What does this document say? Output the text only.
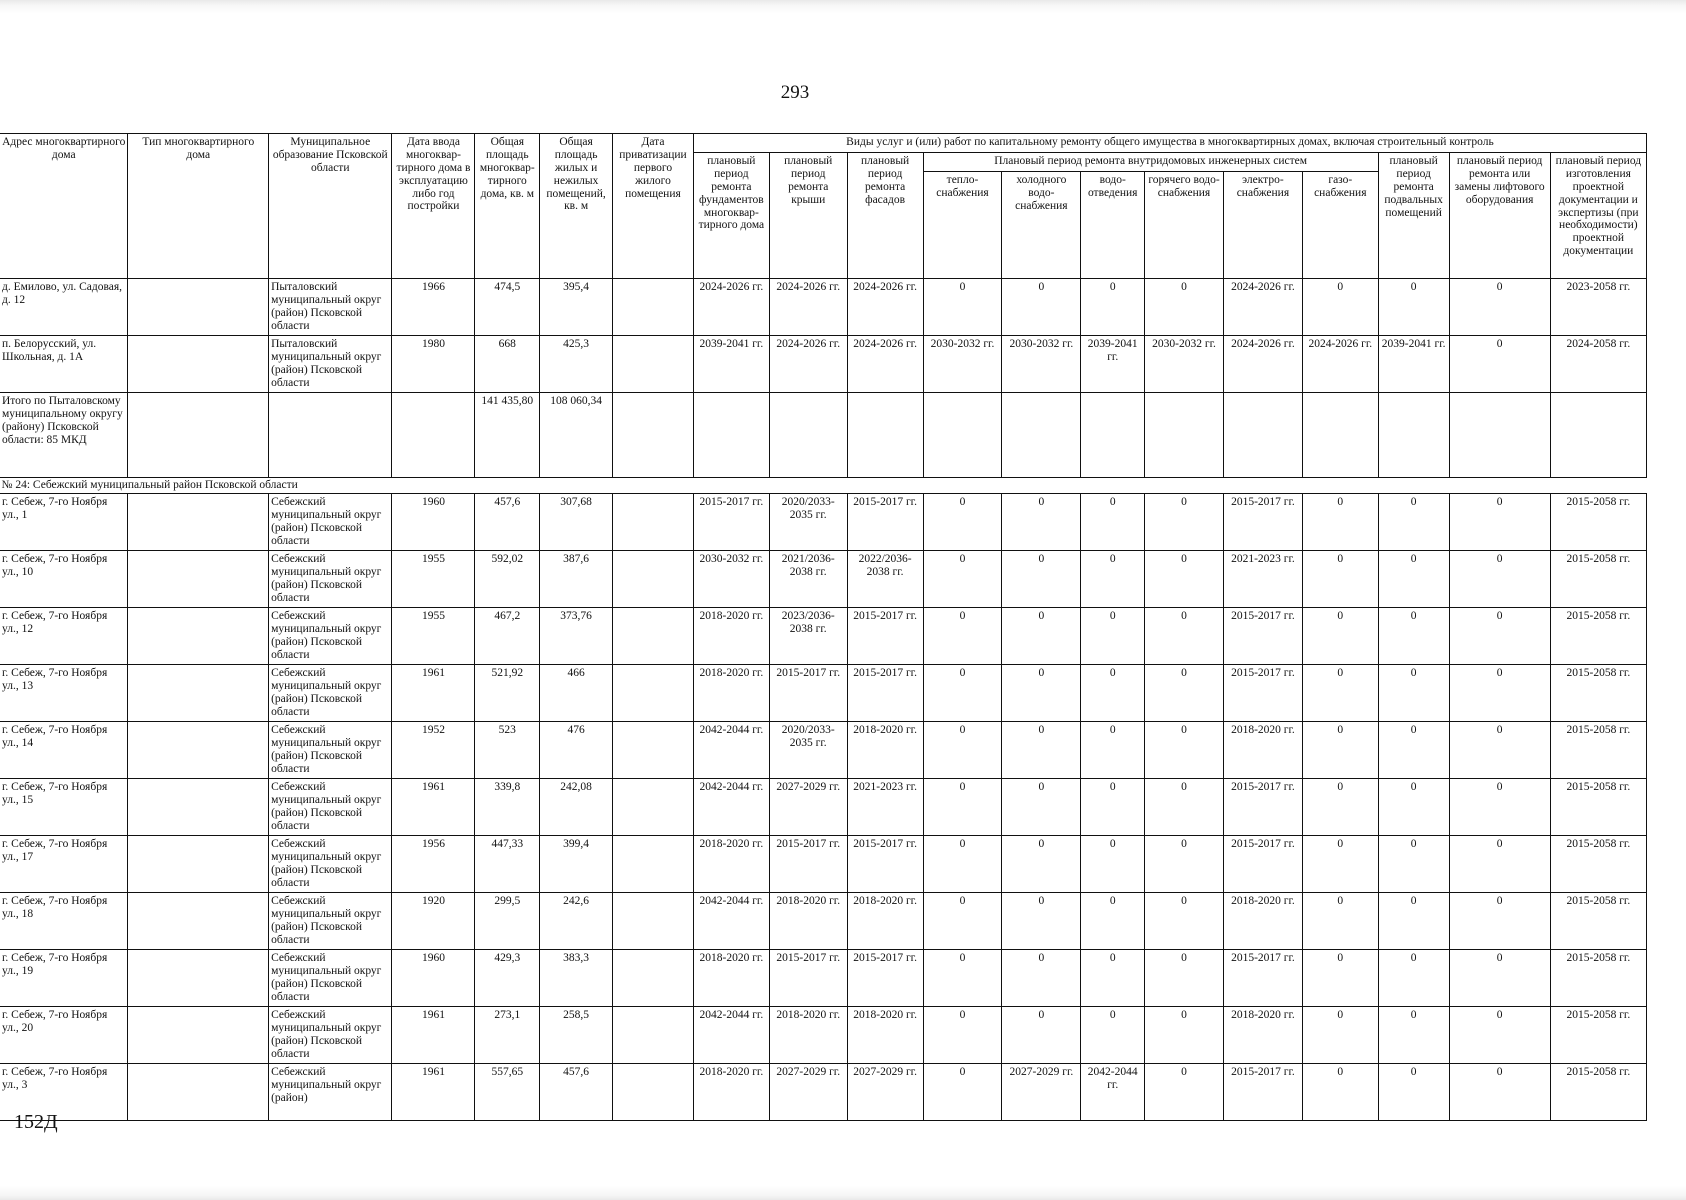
293
Адрес многоквартирного дома	Тип многоквартирного дома	Муниципальное образование Псковской области	Дата ввода многоквар-тирного дома в эксплуатацию либо год постройки	Общая площадь многоквар-тирного дома, кв. м	Общая площадь жилых и нежилых помещений, кв. м	Дата приватизации первого жилого помещения	Виды услуг и (или) работ по капитальному ремонту общего имущества в многоквартирных домах, включая строительный контроль											
							плановый период ремонта фундаментов многоквар-тирного дома	плановый период ремонта крыши	плановый период ремонта фасадов	Плановый период ремонта внутридомовых инженерных систем						плановый период ремонта подвальных помещений	плановый период ремонта или замены лифтового оборудования	плановый период изготовления проектной документации и экспертизы (при необходимости) проектной документации
										тепло-снабжения	холодного водо-снабжения	водо-отведения	горячего водо-снабжения	электро-снабжения	газо-снабжения			
д. Емилово, ул. Садовая, д. 12		Пыталовский муниципальный округ (район) Псковской области	1966	474,5	395,4		2024-2026 гг.	2024-2026 гг.	2024-2026 гг.	0	0	0	0	2024-2026 гг.	0	0	0	2023-2058 гг.
п. Белорусский, ул. Школьная, д. 1А		Пыталовский муниципальный округ (район) Псковской области	1980	668	425,3		2039-2041 гг.	2024-2026 гг.	2024-2026 гг.	2030-2032 гг.	2030-2032 гг.	2039-2041 гг.	2030-2032 гг.	2024-2026 гг.	2024-2026 гг.	2039-2041 гг.	0	2024-2058 гг.
Итого по Пыталовскому муниципальному округу (району) Псковской области: 85 МКД				141 435,80	108 060,34													
№ 24: Себежский муниципальный район Псковской области																		
г. Себеж, 7-го Ноября ул., 1		Себежский муниципальный округ (район) Псковской области	1960	457,6	307,68		2015-2017 гг.	2020/2033-2035 гг.	2015-2017 гг.	0	0	0	0	2015-2017 гг.	0	0	0	2015-2058 гг.
г. Себеж, 7-го Ноября ул., 10		Себежский муниципальный округ (район) Псковской области	1955	592,02	387,6		2030-2032 гг.	2021/2036-2038 гг.	2022/2036-2038 гг.	0	0	0	0	2021-2023 гг.	0	0	0	2015-2058 гг.
г. Себеж, 7-го Ноября ул., 12		Себежский муниципальный округ (район) Псковской области	1955	467,2	373,76		2018-2020 гг.	2023/2036-2038 гг.	2015-2017 гг.	0	0	0	0	2015-2017 гг.	0	0	0	2015-2058 гг.
г. Себеж, 7-го Ноября ул., 13		Себежский муниципальный округ (район) Псковской области	1961	521,92	466		2018-2020 гг.	2015-2017 гг.	2015-2017 гг.	0	0	0	0	2015-2017 гг.	0	0	0	2015-2058 гг.
г. Себеж, 7-го Ноября ул., 14		Себежский муниципальный округ (район) Псковской области	1952	523	476		2042-2044 гг.	2020/2033-2035 гг.	2018-2020 гг.	0	0	0	0	2018-2020 гг.	0	0	0	2015-2058 гг.
г. Себеж, 7-го Ноября ул., 15		Себежский муниципальный округ (район) Псковской области	1961	339,8	242,08		2042-2044 гг.	2027-2029 гг.	2021-2023 гг.	0	0	0	0	2015-2017 гг.	0	0	0	2015-2058 гг.
г. Себеж, 7-го Ноября ул., 17		Себежский муниципальный округ (район) Псковской области	1956	447,33	399,4		2018-2020 гг.	2015-2017 гг.	2015-2017 гг.	0	0	0	0	2015-2017 гг.	0	0	0	2015-2058 гг.
г. Себеж, 7-го Ноября ул., 18		Себежский муниципальный округ (район) Псковской области	1920	299,5	242,6		2042-2044 гг.	2018-2020 гг.	2018-2020 гг.	0	0	0	0	2018-2020 гг.	0	0	0	2015-2058 гг.
г. Себеж, 7-го Ноября ул., 19		Себежский муниципальный округ (район) Псковской области	1960	429,3	383,3		2018-2020 гг.	2015-2017 гг.	2015-2017 гг.	0	0	0	0	2015-2017 гг.	0	0	0	2015-2058 гг.
г. Себеж, 7-го Ноября ул., 20		Себежский муниципальный округ (район) Псковской области	1961	273,1	258,5		2042-2044 гг.	2018-2020 гг.	2018-2020 гг.	0	0	0	0	2018-2020 гг.	0	0	0	2015-2058 гг.
г. Себеж, 7-го Ноября ул., 3		Себежский муниципальный округ (район)	1961	557,65	457,6		2018-2020 гг.	2027-2029 гг.	2027-2029 гг.	0	2027-2029 гг.	2042-2044 гг.	0	2015-2017 гг.	0	0	0	2015-2058 гг.
152Д
